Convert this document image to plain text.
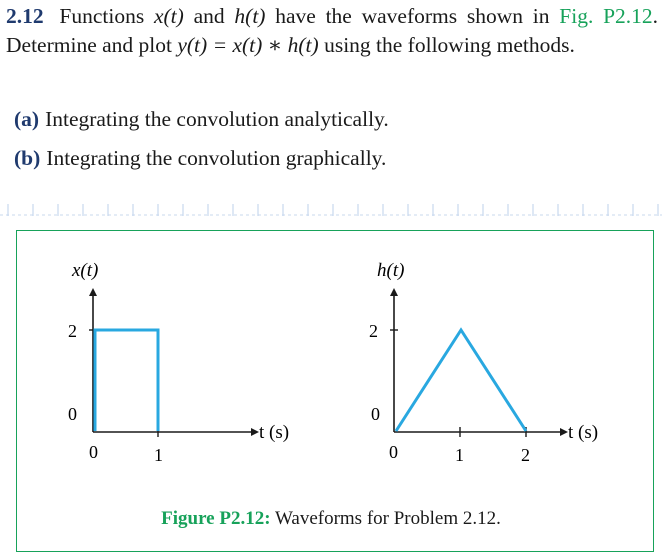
2.12 Functions x(t) and h(t) have the waveforms shown in Fig. P2.12. Determine and plot y(t) = x(t) ∗ h(t) using the following methods.
(a) Integrating the convolution analytically.
(b) Integrating the convolution graphically.
x(t)
2
0
0	1
t (s)
h(t)
2
0
0	1	2
t (s)
Figure P2.12: Waveforms for Problem 2.12.
